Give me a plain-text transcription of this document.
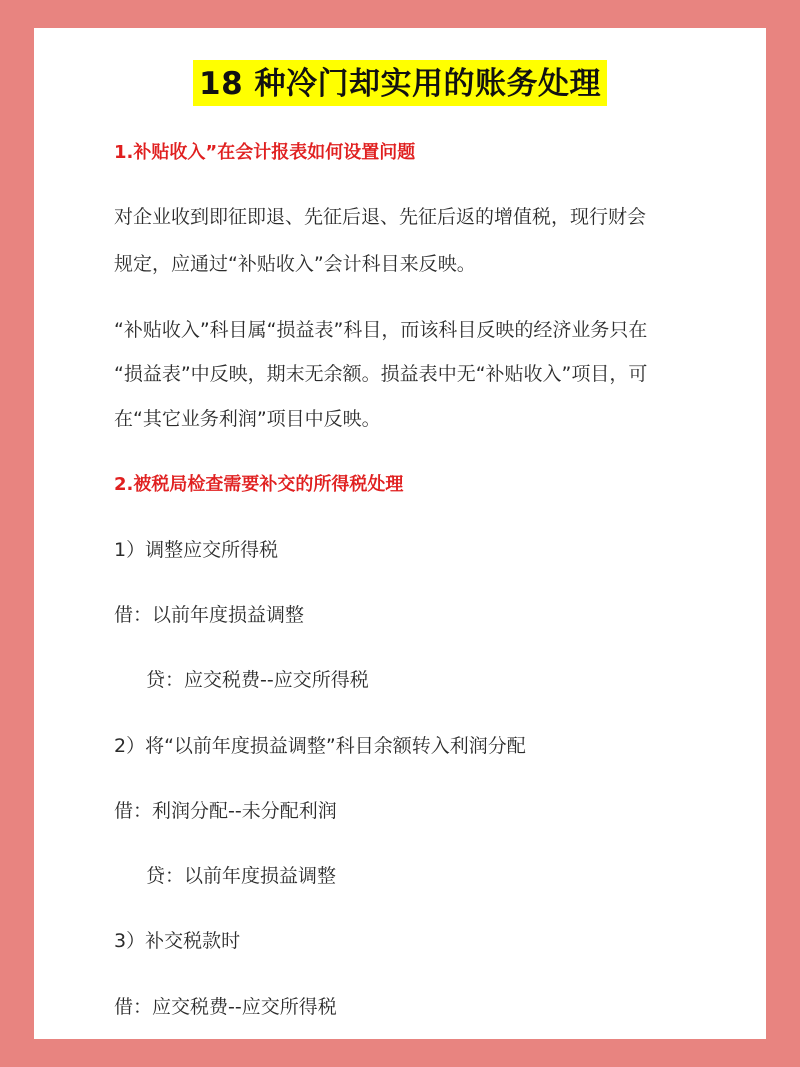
18 种冷门却实用的账务处理
1.补贴收入”在会计报表如何设置问题
对企业收到即征即退、先征后退、先征后返的增值税，现行财会
规定，应通过“补贴收入”会计科目来反映。
“补贴收入”科目属“损益表”科目，而该科目反映的经济业务只在
“损益表”中反映，期末无余额。损益表中无“补贴收入”项目，可
在“其它业务利润”项目中反映。
2.被税局检查需要补交的所得税处理
1）调整应交所得税
借：以前年度损益调整
贷：应交税费--应交所得税
2）将“以前年度损益调整”科目余额转入利润分配
借：利润分配--未分配利润
贷：以前年度损益调整
3）补交税款时
借：应交税费--应交所得税
